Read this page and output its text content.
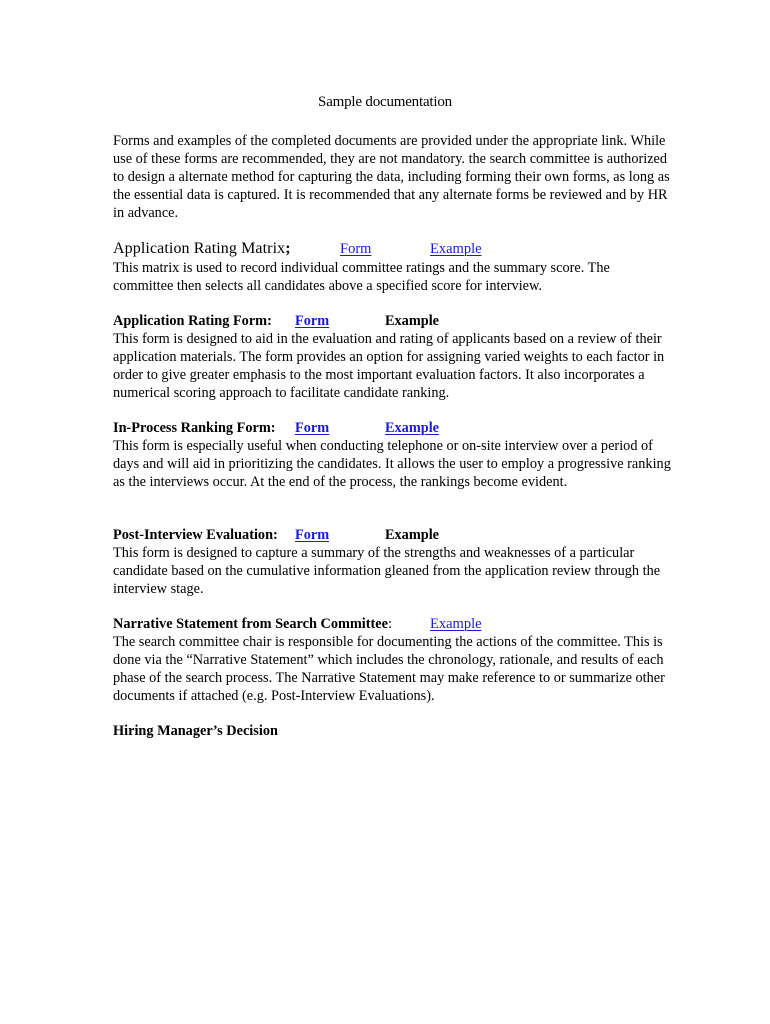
Sample documentation

Forms and examples of the completed documents are provided under the appropriate link. While use of these forms are recommended, they are not mandatory. the search committee is authorized to design a alternate method for capturing the data, including forming their own forms, as long as the essential data is captured. It is recommended that any alternate forms be reviewed and by HR in advance.

Application Rating Matrix;	Form	Example

This matrix is used to record individual committee ratings and the summary score. The committee then selects all candidates above a specified score for interview.

Application Rating Form: Form	Example

This form is designed to aid in the evaluation and rating of applicants based on a review of their application materials. The form provides an option for assigning varied weights to each factor in order to give greater emphasis to the most important evaluation factors. It also incorporates a numerical scoring approach to facilitate candidate ranking.

In-Process Ranking Form: Form	Example

This form is especially useful when conducting telephone or on-site interview over a period of days and will aid in prioritizing the candidates. It allows the user to employ a progressive ranking as the interviews occur. At the end of the process, the rankings become evident.

Post-Interview Evaluation: Form	Example

This form is designed to capture a summary of the strengths and weaknesses of a particular candidate based on the cumulative information gleaned from the application review through the interview stage.

Narrative Statement from Search Committee:	Example

The search committee chair is responsible for documenting the actions of the committee. This is done via the “Narrative Statement” which includes the chronology, rationale, and results of each phase of the search process. The Narrative Statement may make reference to or summarize other documents if attached (e.g. Post-Interview Evaluations).

Hiring Manager’s Decision
